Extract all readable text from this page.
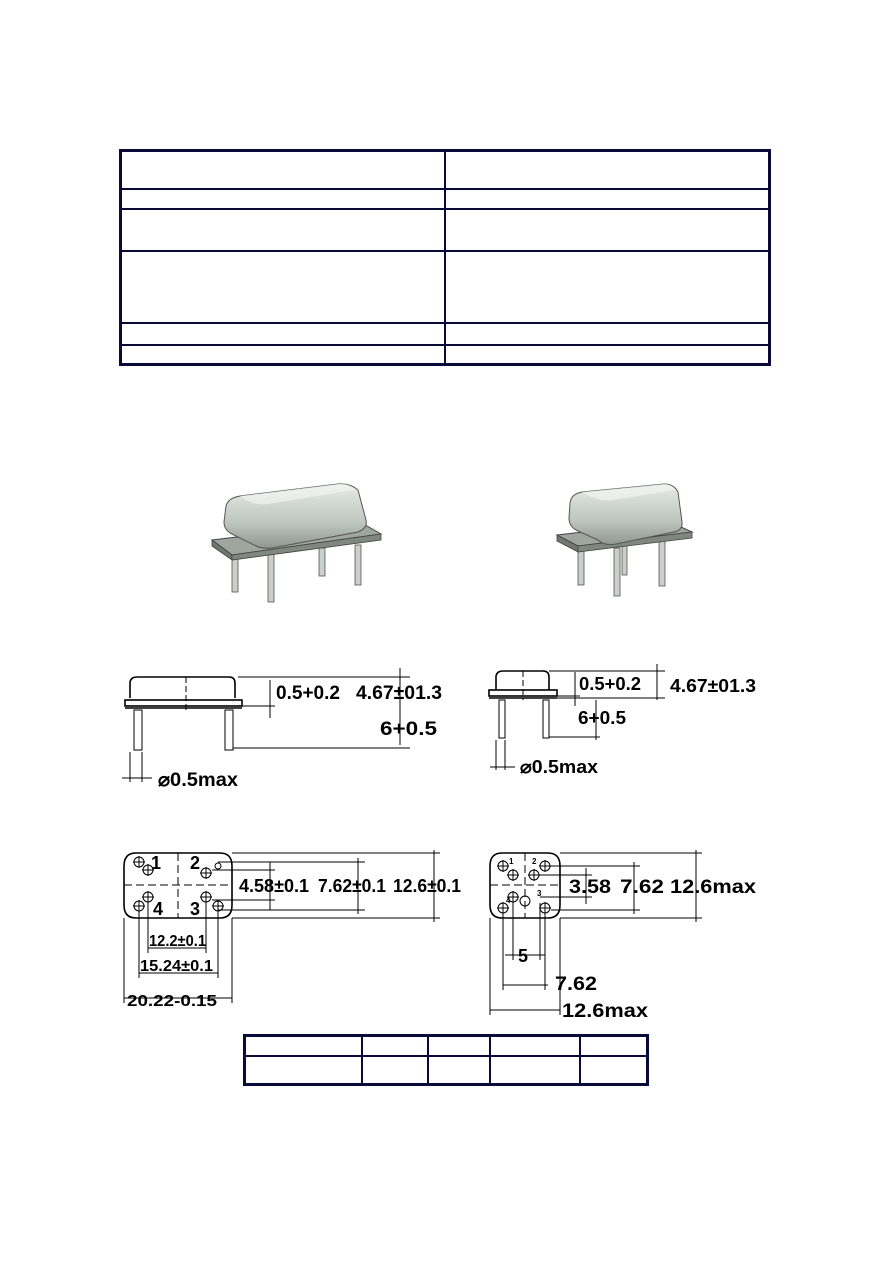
0.5+0.2 4.67±01.3
6+0.5
⌀0.5max
0.5+0.2 4.67±01.3
6+0.5
⌀0.5max
1 2
3
4
1 2
3
4
4.58±0.1 7.62±0.1 12.6±0.1
12.2±0.1
15.24±0.1
20.22-0.15
3.58 7.62 12.6max
5
7.62
12.6max
